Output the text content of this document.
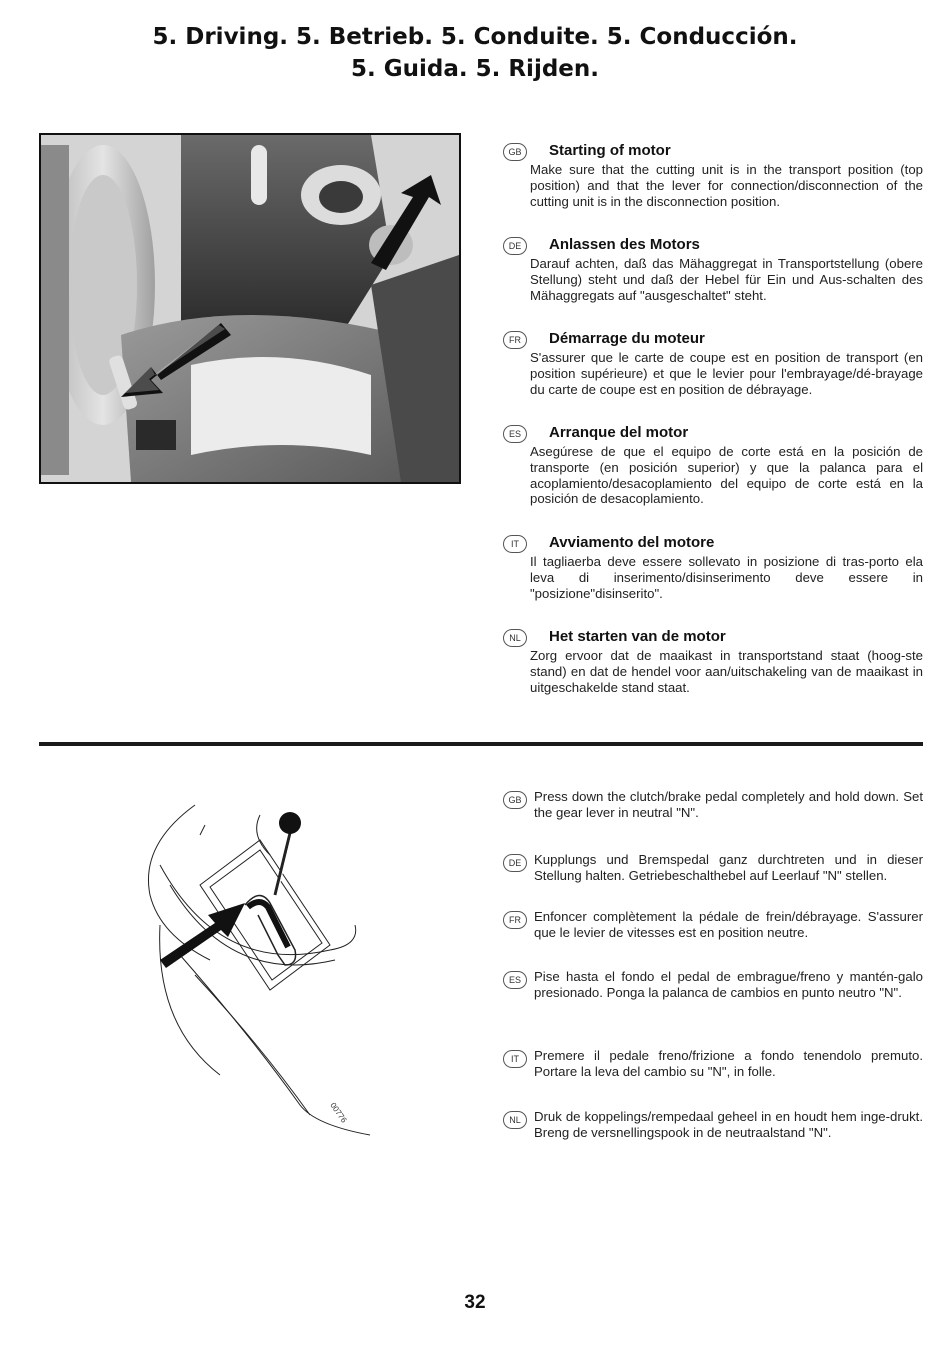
5. Driving. 5. Betrieb. 5. Conduite. 5. Conducción.
5. Guida. 5. Rijden.
GB	Starting of motor
Make sure that the cutting unit is in the transport position (top position) and that the lever for connection/disconnection of the cutting unit is in the disconnection position.
DE	Anlassen des Motors
Darauf achten, daß das Mähaggregat in Transportstellung (obere Stellung) steht und daß der Hebel für Ein und Aus-schalten des Mähaggregats auf "ausgeschaltet" steht.
FR	Démarrage du moteur
S'assurer que le carte de coupe est en position de transport (en position supérieure) et que le levier pour l'embrayage/dé-brayage du carte de coupe est en position de débrayage.
ES	Arranque del motor
Asegúrese de que el equipo de corte está en la posición de transporte (en posición superior) y que la palanca para el acoplamiento/desacoplamiento del equipo de corte está en la posición de desacoplamiento.
IT	Avviamento del motore
Il tagliaerba deve essere sollevato in posizione di tras-porto ela leva di inserimento/disinserimento deve essere in "posizione"disinserito".
NL	Het starten van de motor
Zorg ervoor dat de maaikast in transportstand staat (hoog-ste stand) en dat de hendel voor aan/uitschakeling van de maaikast in uitgeschakelde stand staat.
00776
GB Press down the clutch/brake pedal completely and hold down. Set the gear lever in neutral "N".
DE Kupplungs und Bremspedal ganz durchtreten und in dieser Stellung halten. Getriebeschalthebel auf Leerlauf "N" stellen.
FR Enfoncer complètement la pédale de frein/débrayage. S'assurer que le levier de vitesses est en position neutre.
ES Pise hasta el fondo el pedal de embrague/freno y mantén-galo presionado. Ponga la palanca de cambios en punto neutro "N".
IT	Premere il pedale freno/frizione a fondo tenendolo premuto. Portare la leva del cambio su "N", in folle.
NL	Druk de koppelings/rempedaal geheel in en houdt hem inge-drukt. Breng de versnellingspook in de neutraalstand "N".
32
